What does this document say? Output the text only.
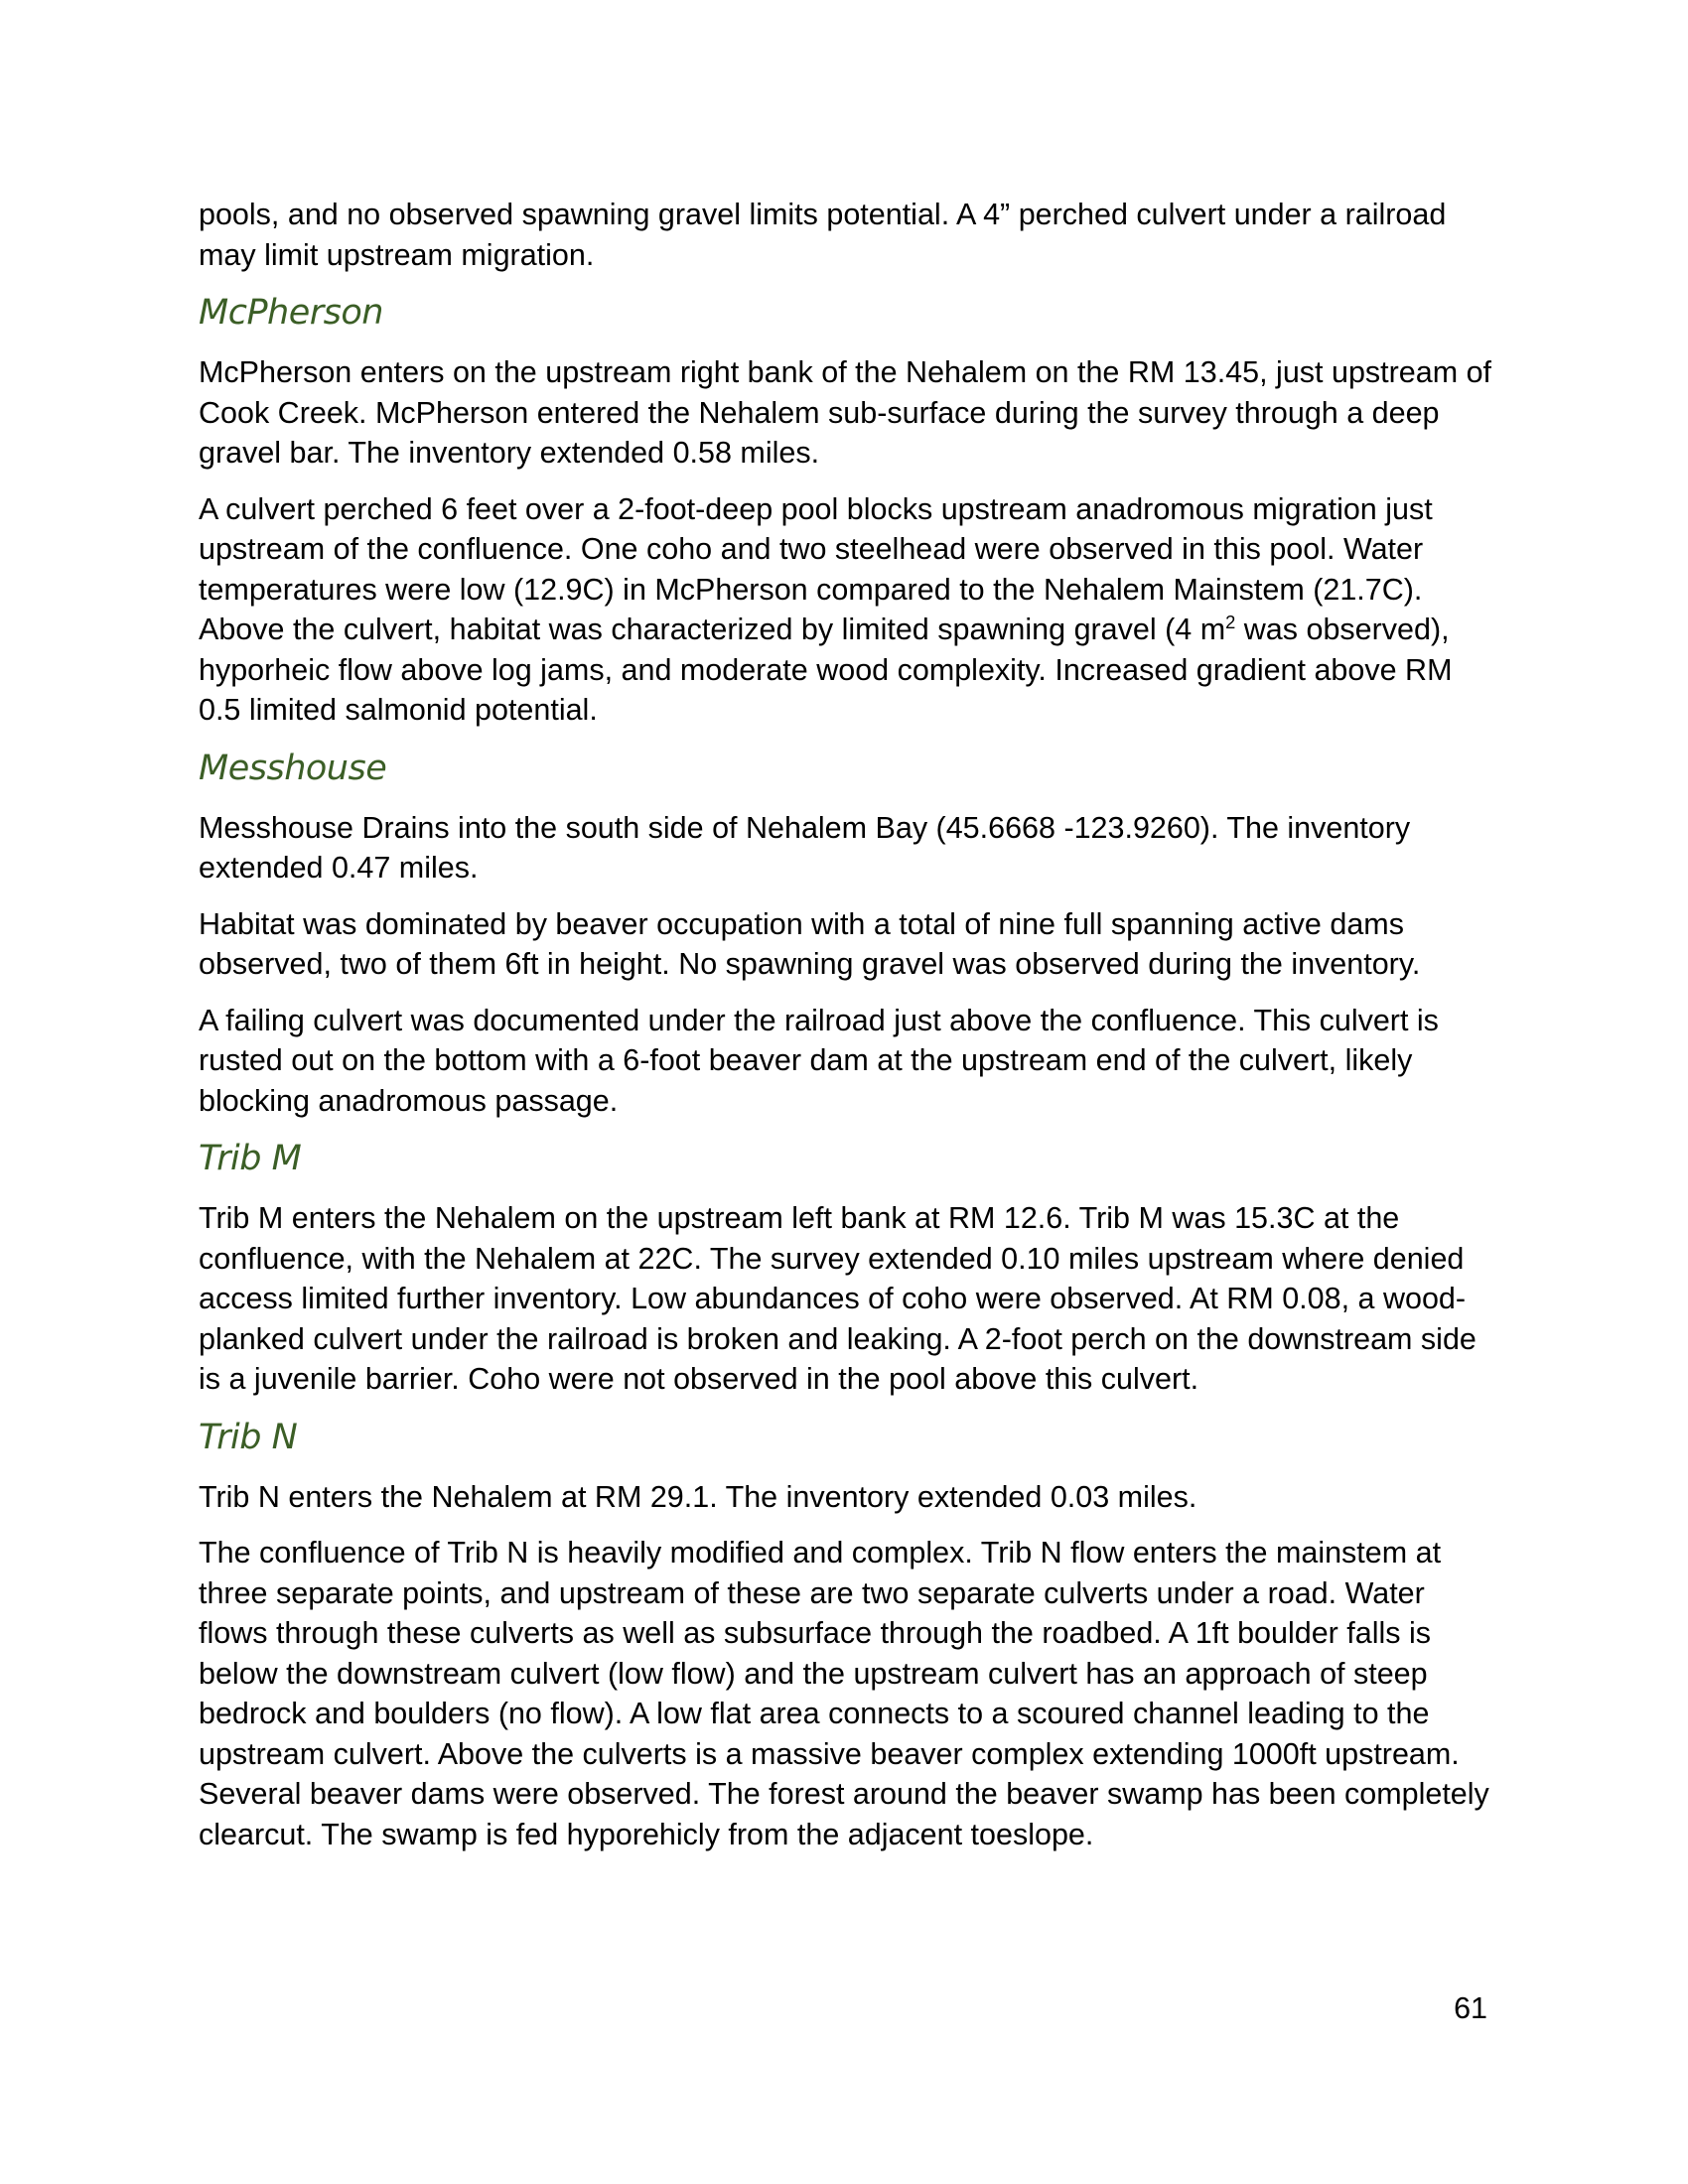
pools, and no observed spawning gravel limits potential. A 4” perched culvert under a railroad may limit upstream migration.

McPherson

McPherson enters on the upstream right bank of the Nehalem on the RM 13.45, just upstream of Cook Creek. McPherson entered the Nehalem sub-surface during the survey through a deep gravel bar. The inventory extended 0.58 miles.

A culvert perched 6 feet over a 2-foot-deep pool blocks upstream anadromous migration just upstream of the confluence. One coho and two steelhead were observed in this pool. Water temperatures were low (12.9C) in McPherson compared to the Nehalem Mainstem (21.7C). Above the culvert, habitat was characterized by limited spawning gravel (4 $m^2$ was observed), hyporheic flow above log jams, and moderate wood complexity. Increased gradient above RM 0.5 limited salmonid potential.

Messhouse

Messhouse Drains into the south side of Nehalem Bay (45.6668 -123.9260). The inventory extended 0.47 miles.

Habitat was dominated by beaver occupation with a total of nine full spanning active dams observed, two of them 6ft in height. No spawning gravel was observed during the inventory.

A failing culvert was documented under the railroad just above the confluence. This culvert is rusted out on the bottom with a 6-foot beaver dam at the upstream end of the culvert, likely blocking anadromous passage.

Trib M

Trib M enters the Nehalem on the upstream left bank at RM 12.6. Trib M was 15.3C at the confluence, with the Nehalem at 22C. The survey extended 0.10 miles upstream where denied access limited further inventory. Low abundances of coho were observed. At RM 0.08, a wood-planked culvert under the railroad is broken and leaking. A 2-foot perch on the downstream side is a juvenile barrier. Coho were not observed in the pool above this culvert.

Trib N

Trib N enters the Nehalem at RM 29.1. The inventory extended 0.03 miles.

The confluence of Trib N is heavily modified and complex. Trib N flow enters the mainstem at three separate points, and upstream of these are two separate culverts under a road. Water flows through these culverts as well as subsurface through the roadbed. A 1ft boulder falls is below the downstream culvert (low flow) and the upstream culvert has an approach of steep bedrock and boulders (no flow). A low flat area connects to a scoured channel leading to the upstream culvert. Above the culverts is a massive beaver complex extending 1000ft upstream. Several beaver dams were observed. The forest around the beaver swamp has been completely clearcut. The swamp is fed hyporehicly from the adjacent toeslope.

61
